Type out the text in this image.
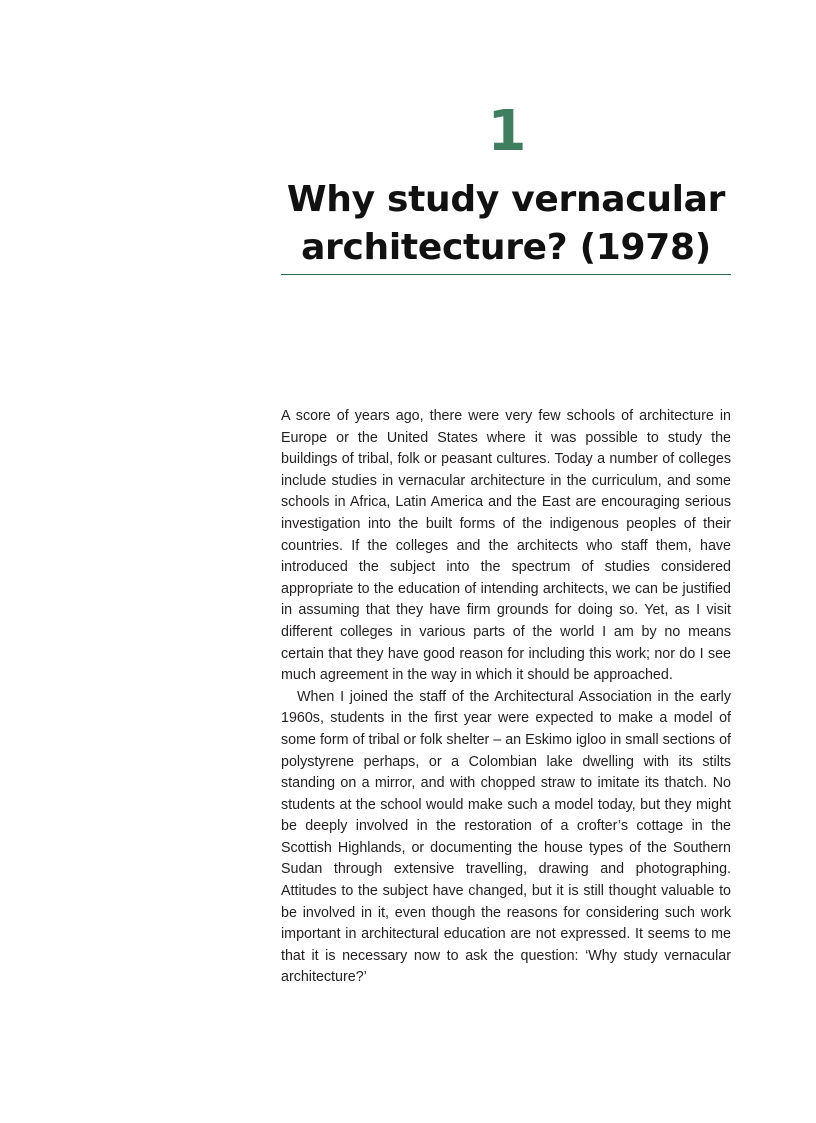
1
Why study vernacular
architecture? (1978)

A score of years ago, there were very few schools of architecture in Europe or the United States where it was possible to study the buildings of tribal, folk or peasant cultures. Today a number of colleges include studies in vernacular architecture in the curriculum, and some schools in Africa, Latin America and the East are encouraging serious investigation into the built forms of the indigenous peoples of their countries. If the colleges and the architects who staff them, have introduced the subject into the spectrum of studies considered appropriate to the education of intending architects, we can be justified in assuming that they have firm grounds for doing so. Yet, as I visit different colleges in various parts of the world I am by no means certain that they have good reason for including this work; nor do I see much agreement in the way in which it should be approached.

When I joined the staff of the Architectural Association in the early 1960s, students in the first year were expected to make a model of some form of tribal or folk shelter – an Eskimo igloo in small sections of polystyrene perhaps, or a Colombian lake dwelling with its stilts standing on a mirror, and with chopped straw to imitate its thatch. No students at the school would make such a model today, but they might be deeply involved in the restoration of a crofter’s cottage in the Scottish Highlands, or documenting the house types of the Southern Sudan through extensive travelling, drawing and photographing. Attitudes to the subject have changed, but it is still thought valuable to be involved in it, even though the reasons for considering such work important in architectural education are not expressed. It seems to me that it is necessary now to ask the question: ‘Why study vernacular architecture?’
